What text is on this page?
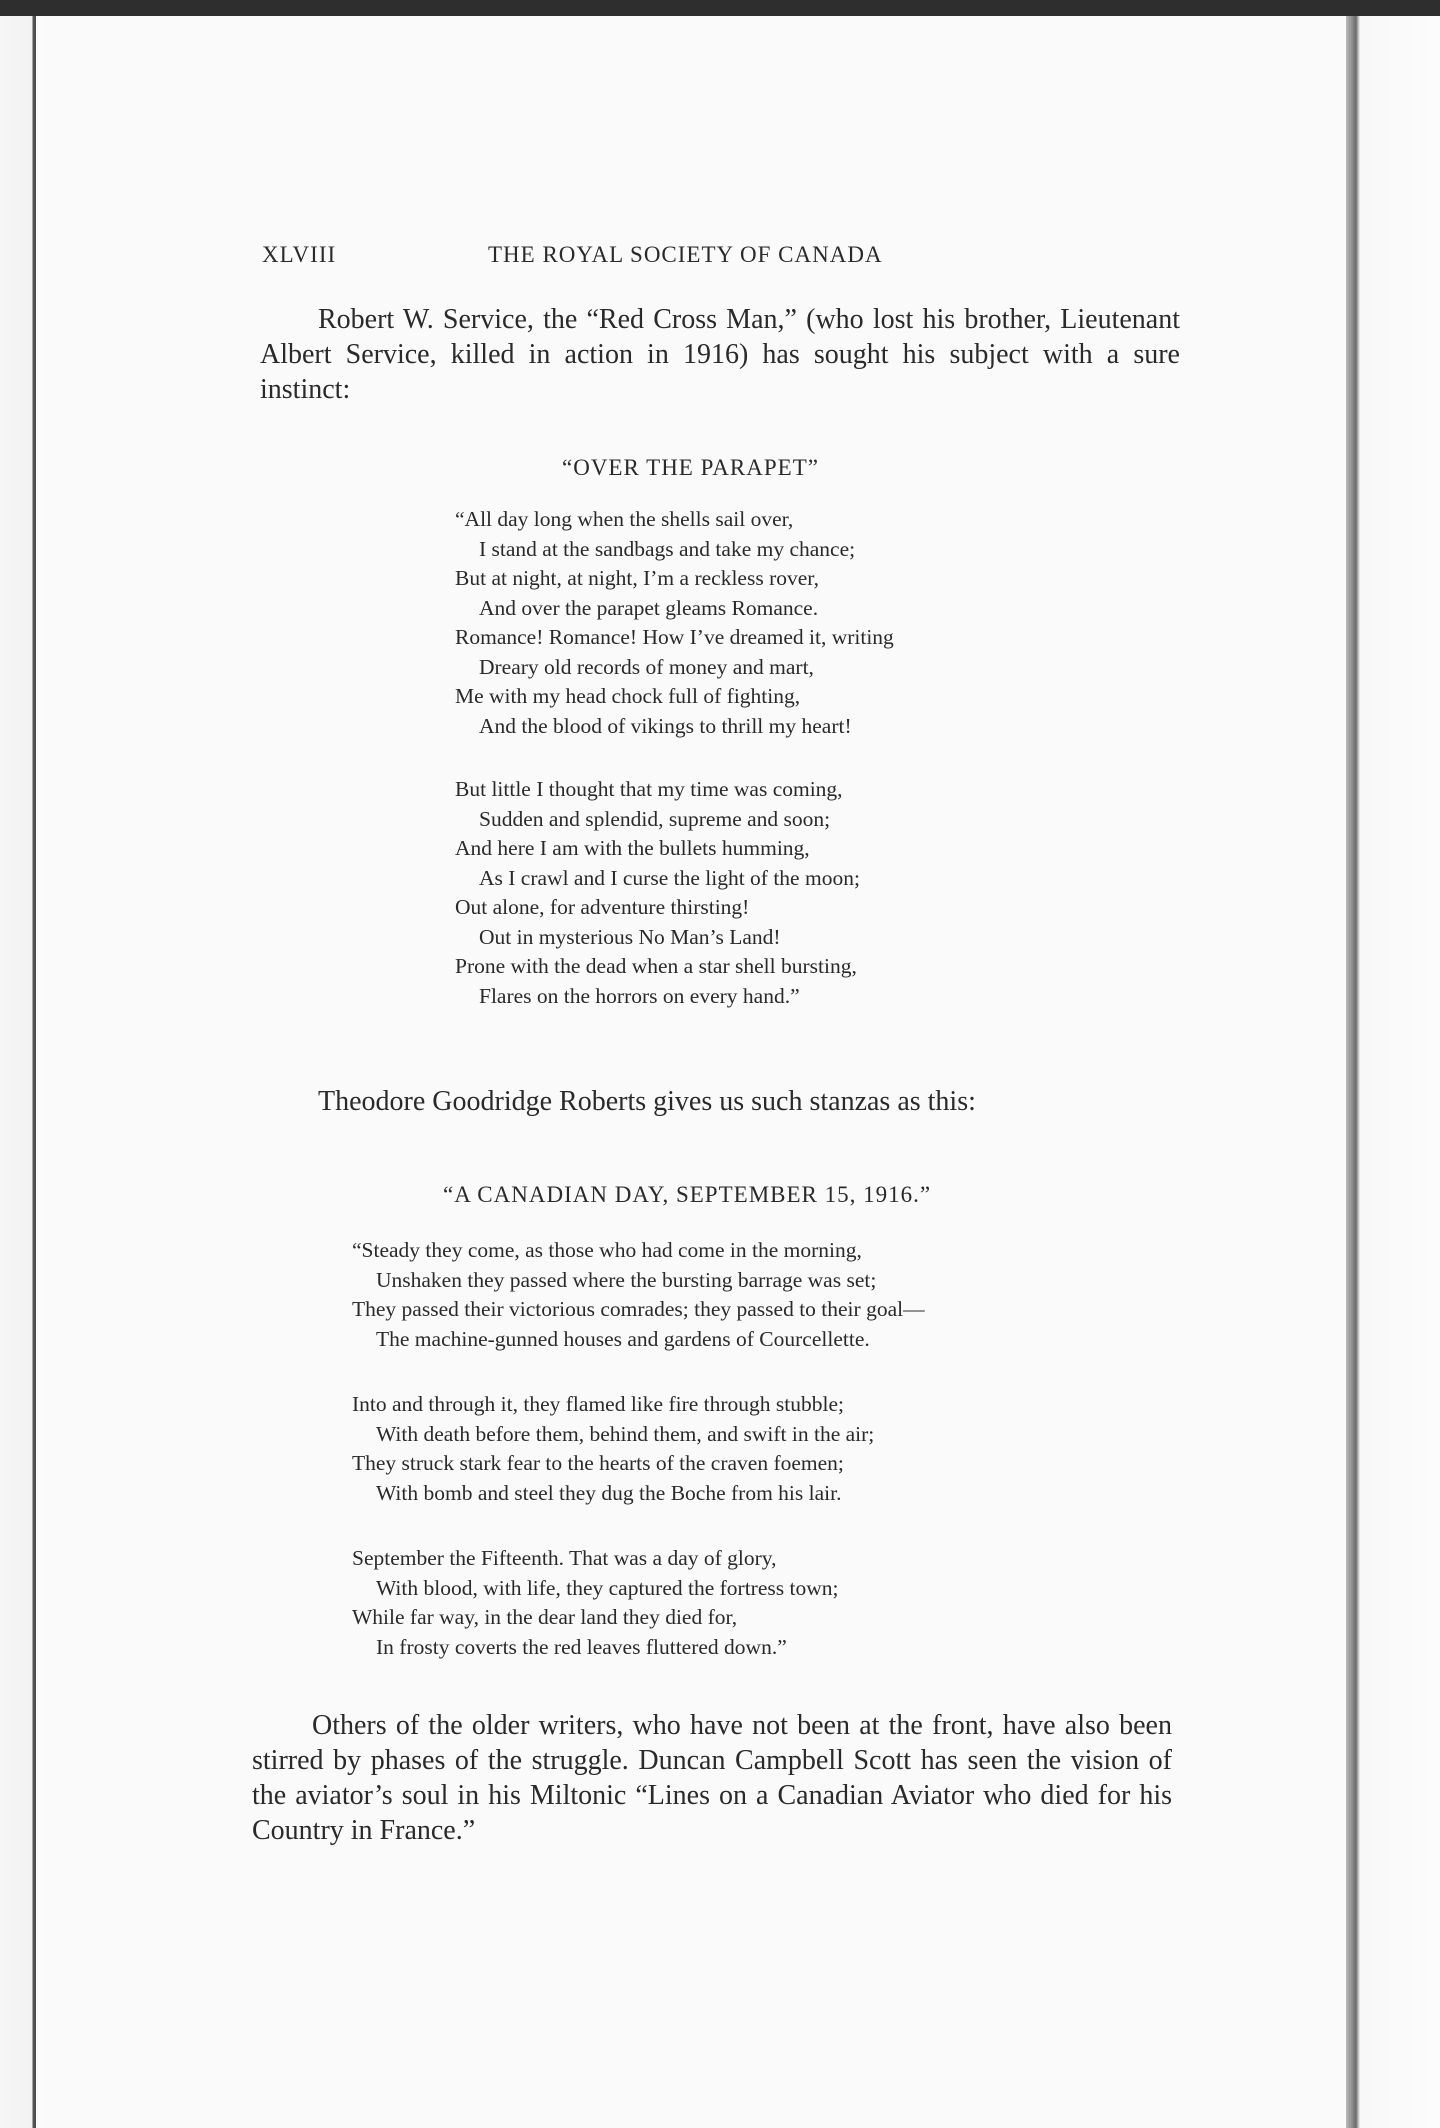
XLVIII	THE ROYAL SOCIETY OF CANADA

Robert W. Service, the “Red Cross Man,” (who lost his brother, Lieutenant Albert Service, killed in action in 1916) has sought his subject with a sure instinct:

“OVER THE PARAPET”
“All day long when the shells sail over,
I stand at the sandbags and take my chance;
But at night, at night, I’m a reckless rover,
And over the parapet gleams Romance.
Romance! Romance! How I’ve dreamed it, writing
Dreary old records of money and mart,
Me with my head chock full of fighting,
And the blood of vikings to thrill my heart!
But little I thought that my time was coming,
Sudden and splendid, supreme and soon;
And here I am with the bullets humming,
As I crawl and I curse the light of the moon;
Out alone, for adventure thirsting!
Out in mysterious No Man’s Land!
Prone with the dead when a star shell bursting,
Flares on the horrors on every hand.”

Theodore Goodridge Roberts gives us such stanzas as this:

“A CANADIAN DAY, SEPTEMBER 15, 1916.”
“Steady they come, as those who had come in the morning,
Unshaken they passed where the bursting barrage was set;
They passed their victorious comrades; they passed to their goal—
The machine-gunned houses and gardens of Courcellette.
Into and through it, they flamed like fire through stubble;
With death before them, behind them, and swift in the air;
They struck stark fear to the hearts of the craven foemen;
With bomb and steel they dug the Boche from his lair.
September the Fifteenth. That was a day of glory,
With blood, with life, they captured the fortress town;
While far way, in the dear land they died for,
In frosty coverts the red leaves fluttered down.”

Others of the older writers, who have not been at the front, have also been stirred by phases of the struggle. Duncan Campbell Scott has seen the vision of the aviator’s soul in his Miltonic “Lines on a Canadian Aviator who died for his Country in France.”
